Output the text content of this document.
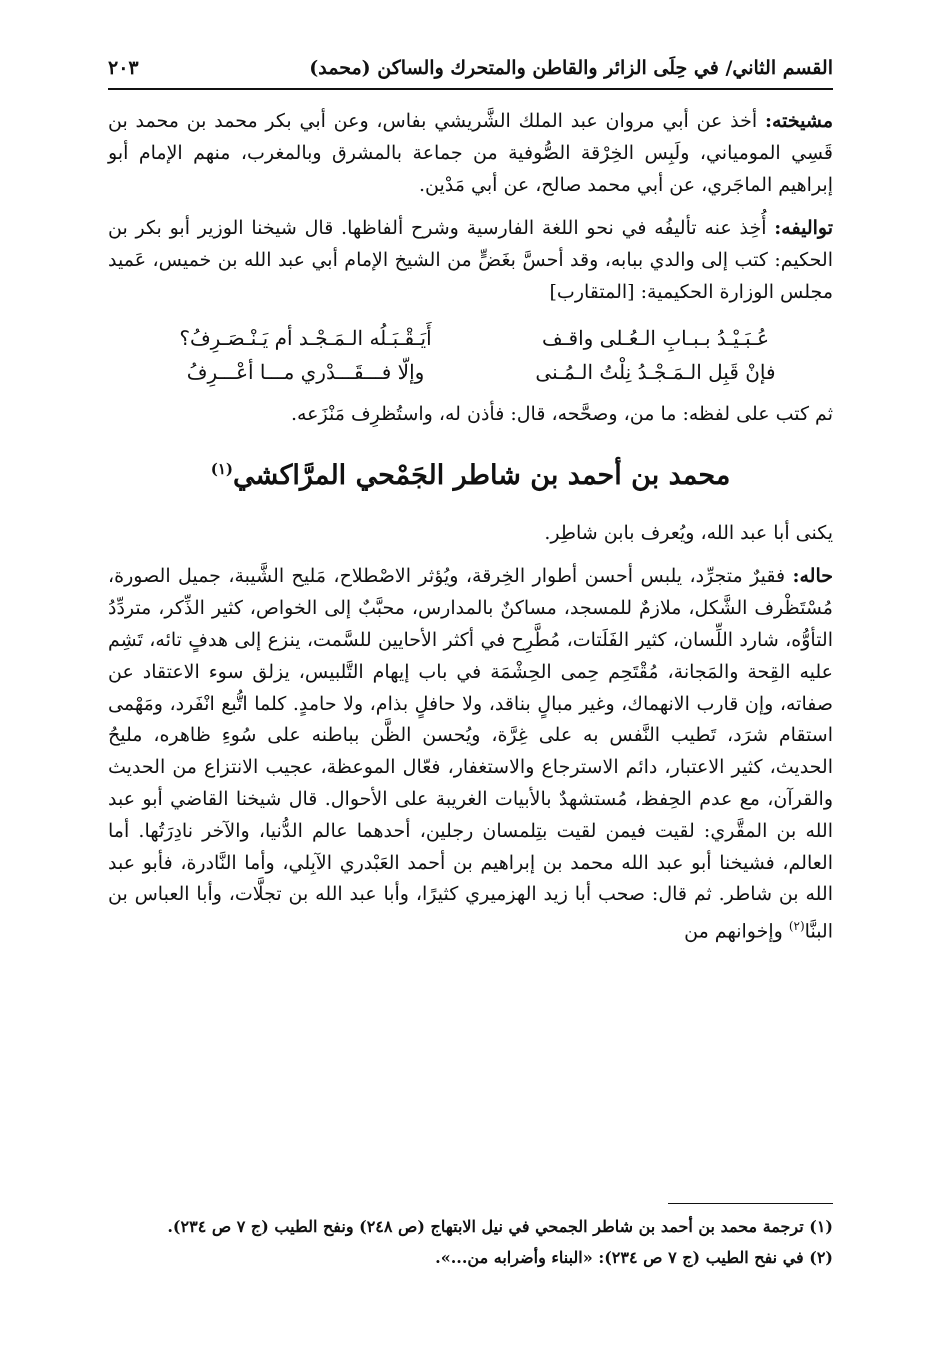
القسم الثاني/ في حِلَى الزائر والقاطن والمتحرك والساكن (محمد)
٢٠٣

مشيخته: أخذ عن أبي مروان عبد الملك الشَّريشي بفاس، وعن أبي بكر محمد بن محمد بن قَسِي المومياني، ولَبِس الخِرْقة الصُّوفية من جماعة بالمشرق وبالمغرب، منهم الإمام أبو إبراهيم الماجَري، عن أبي محمد صالح، عن أبي مَدْين.

تواليفه: أُخِذ عنه تأليفُه في نحو اللغة الفارسية وشرح ألفاظها. قال شيخنا الوزير أبو بكر بن الحكيم: كتب إلى والدي ببابه، وقد أحسَّ بغَضٍّ من الشيخ الإمام أبي عبد الله بن خميس، عَميد مجلس الوزارة الحكيمية: [المتقارب]

عُـبَـيْـدُ بـبـابِ الـعُـلى واقـف
أَيَـقْـبَـلُه الـمَـجْـد أم يَـنْـصَـرِفُ؟
فإنْ قَبِل الـمَـجْـدُ نِلْتُ الـمُـنى
وإلّا فـــقَـــدْري مـــا أعْـــرِفُ

ثم كتب على لفظه: ما من، وصحَّحه، قال: فأذن له، واستُظرِف مَنْزَعه.

محمد بن أحمد بن شاطر الجَمْحي المرَّاكشي$^{(١)}$

يكنى أبا عبد الله، ويُعرف بابن شاطِر.

حاله: فقيرٌ متجرِّد، يلبس أحسن أطوار الخِرقة، ويُؤثر الاصْطلاح، مَليح الشَّيبة، جميل الصورة، مُسْتَظْرف الشَّكل، ملازمٌ للمسجد، مساكنٌ بالمدارس، محبَّبٌ إلى الخواص، كثير الذِّكر، متردِّدُ التأوُّه، شارد اللِّسان، كثير الفَلَتات، مُطَّرِح في أكثر الأحايين للسَّمت، ينزع إلى هدفٍ تائه، تَشِم عليه القِحة والمَجانة، مُقْتَحِم حِمى الحِشْمَة في باب إيهام التَّلبيس، يزلق سوء الاعتقاد عن صفاته، وإن قارب الانهماك، وغير مبالٍ بناقد، ولا حافلٍ بذام، ولا حامدٍ. كلما اتُّبع انْفَرد، ومَهْمى استقام شرَد، تَطيب النَّفس به على غِرَّة، ويُحسن الظَّن بباطنه على سُوءِ ظاهره، مليحُ الحديث، كثير الاعتبار، دائم الاسترجاع والاستغفار، فعّال الموعظة، عجيب الانتزاع من الحديث والقرآن، مع عدم الحِفظ، مُستشهدٌ بالأبيات الغريبة على الأحوال. قال شيخنا القاضي أبو عبد الله بن المقَّري: لقيت فيمن لقيت بتِلمسان رجلين، أحدهما عالم الدُّنيا، والآخر نادِرَتُها. أما العالم، فشيخنا أبو عبد الله محمد بن إبراهيم بن أحمد العَبْدري الآبِلي، وأما النَّادرة، فأبو عبد الله بن شاطر. ثم قال: صحب أبا زيد الهزميري كثيرًا، وأبا عبد الله بن تجلَّات، وأبا العباس بن البنَّا$^{(٢)}$ وإخوانهم من

(١) ترجمة محمد بن أحمد بن شاطر الجمحي في نيل الابتهاج (ص ٢٤٨) ونفح الطيب (ج ٧ ص ٢٣٤).

(٢) في نفح الطيب (ج ٧ ص ٢٣٤): «البناء وأضرابه من...».
